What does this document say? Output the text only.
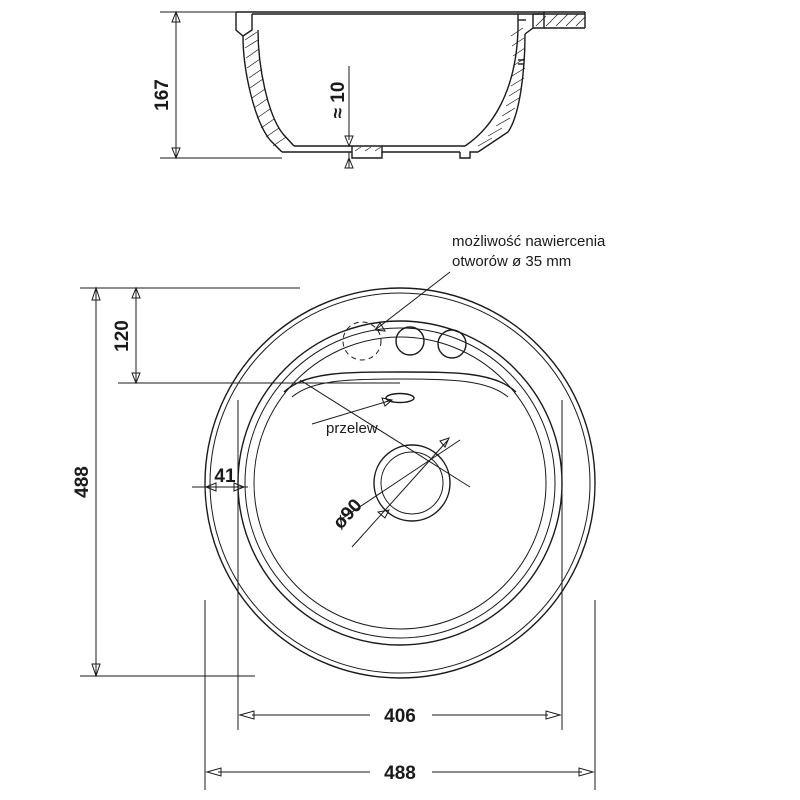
167	≈ 10
możliwość nawiercenia
otworów ø 35 mm
przelew
ø90
41
120
488
406
488
